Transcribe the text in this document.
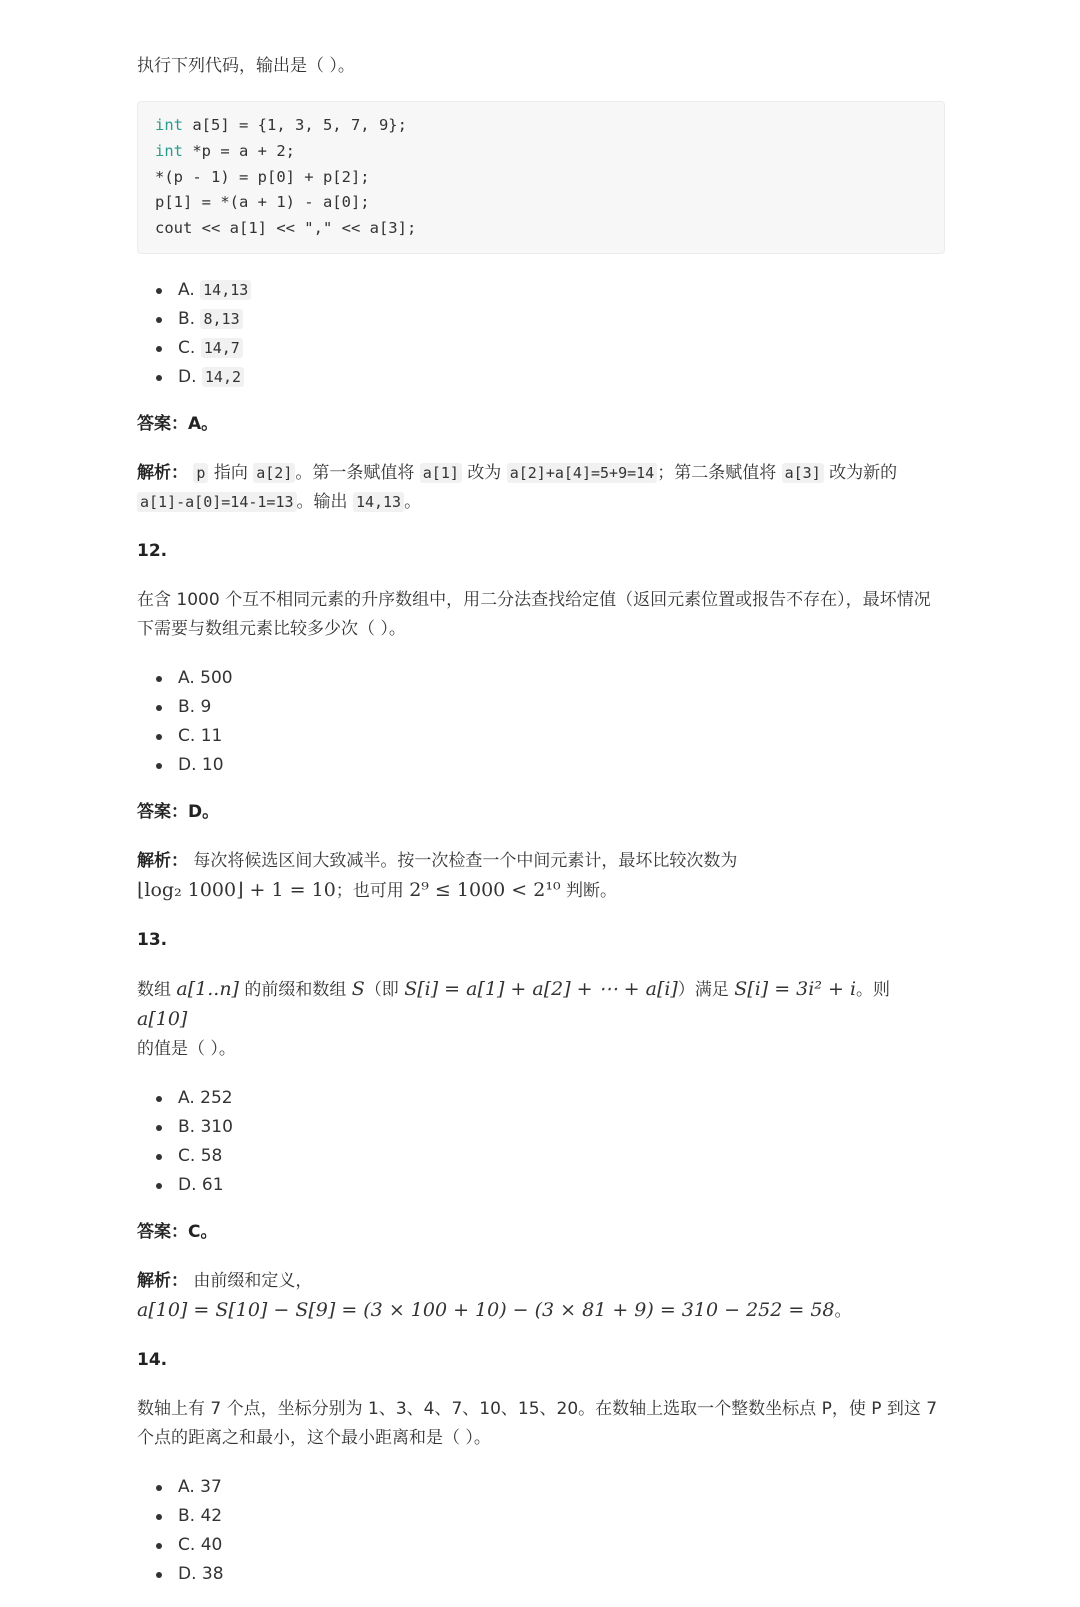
执行下列代码，输出是（ ）。

int a[5] = {1, 3, 5, 7, 9};
int *p = a + 2;
*(p - 1) = p[0] + p[2];
p[1] = *(a + 1) - a[0];
cout << a[1] << "," << a[3];
A. 14,13
B. 8,13
C. 14,7
D. 14,2

答案：A。

解析： p 指向 a[2] 。第一条赋值将 a[1] 改为 a[2]+a[4]=5+9=14 ；第二条赋值将 a[3] 改为新的 a[1]-a[0]=14-1=13 。输出 14,13 。

12.

在含 1000 个互不相同元素的升序数组中，用二分法查找给定值（返回元素位置或报告不存在），最坏情况下需要与数组元素比较多少次（ ）。

A. 500
B. 9
C. 11
D. 10

答案：D。

解析： 每次将候选区间大致减半。按一次检查一个中间元素计，最坏比较次数为
⌊log₂ 1000⌋ + 1 = 10；也可用 2⁹ ≤ 1000 < 2¹⁰ 判断。

13.

数组 a[1..n] 的前缀和数组 S（即 S[i] = a[1] + a[2] + ⋯ + a[i]）满足 S[i] = 3i² + i。则 a[10]
的值是（ ）。

A. 252
B. 310
C. 58
D. 61

答案：C。

解析： 由前缀和定义，
a[10] = S[10] − S[9] = (3 × 100 + 10) − (3 × 81 + 9) = 310 − 252 = 58。

14.

数轴上有 7 个点，坐标分别为 1、3、4、7、10、15、20。在数轴上选取一个整数坐标点 P，使 P 到这 7 个点的距离之和最小，这个最小距离和是（ ）。

A. 37
B. 42
C. 40
D. 38
